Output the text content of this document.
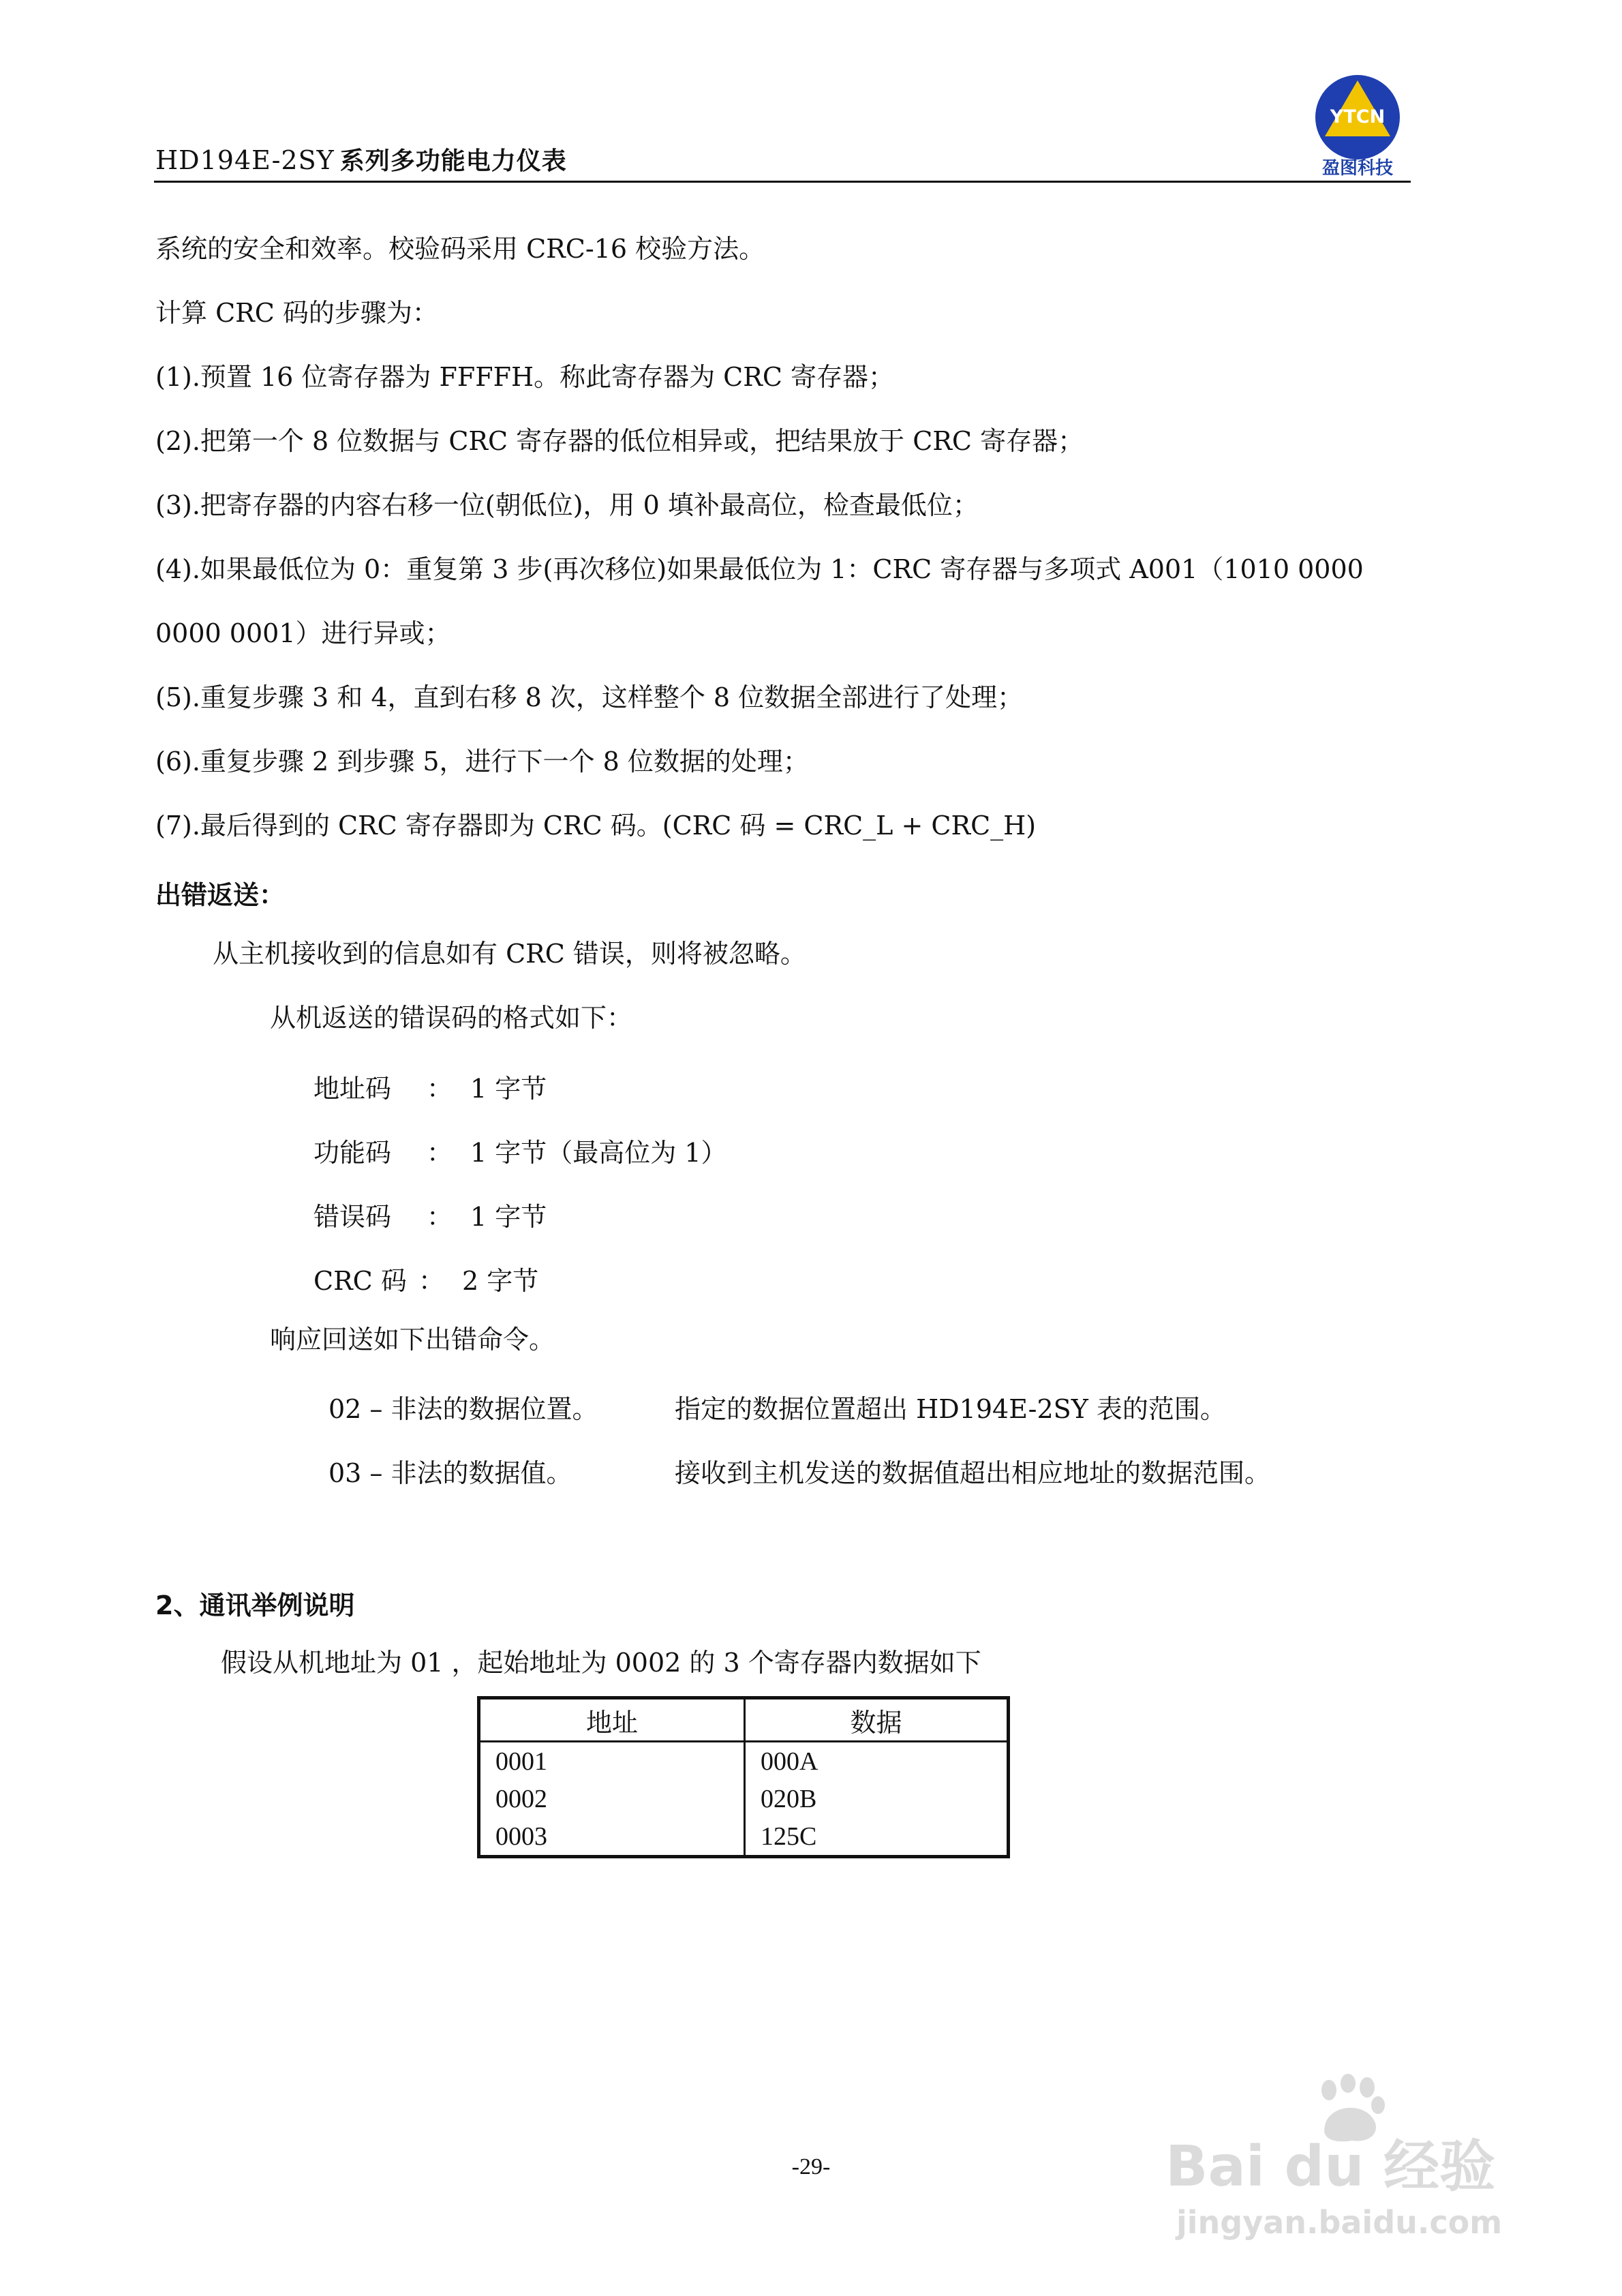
HD194E-2SY 系列多功能电力仪表
YTCN
盈图科技
系统的安全和效率。校验码采用 CRC-16 校验方法。
计算 CRC 码的步骤为：
(1).预置 16 位寄存器为 FFFFH。称此寄存器为 CRC 寄存器；
(2).把第一个 8 位数据与 CRC 寄存器的低位相异或，把结果放于 CRC 寄存器；
(3).把寄存器的内容右移一位(朝低位)，用 0 填补最高位，检查最低位；
(4).如果最低位为 0：重复第 3 步(再次移位)如果最低位为 1：CRC 寄存器与多项式 A001（1010 0000
0000 0001）进行异或；
(5).重复步骤 3 和 4，直到右移 8 次，这样整个 8 位数据全部进行了处理；
(6).重复步骤 2 到步骤 5，进行下一个 8 位数据的处理；
(7).最后得到的 CRC 寄存器即为 CRC 码。(CRC 码 = CRC_L + CRC_H)
出错返送：
从主机接收到的信息如有 CRC 错误，则将被忽略。
从机返送的错误码的格式如下：
地址码 ： 1 字节
功能码 ： 1 字节（最高位为 1）
错误码 ： 1 字节
CRC 码 ： 2 字节
响应回送如下出错命令。
02 – 非法的数据位置。	指定的数据位置超出 HD194E-2SY 表的范围。
03 – 非法的数据值。	接收到主机发送的数据值超出相应地址的数据范围。
2、通讯举例说明
假设从机地址为 01 ，起始地址为 0002 的 3 个寄存器内数据如下
地址	数据
0001	000A
0002	020B
0003	125C
-29-	Bai du 经验
jingyan.baidu.com
